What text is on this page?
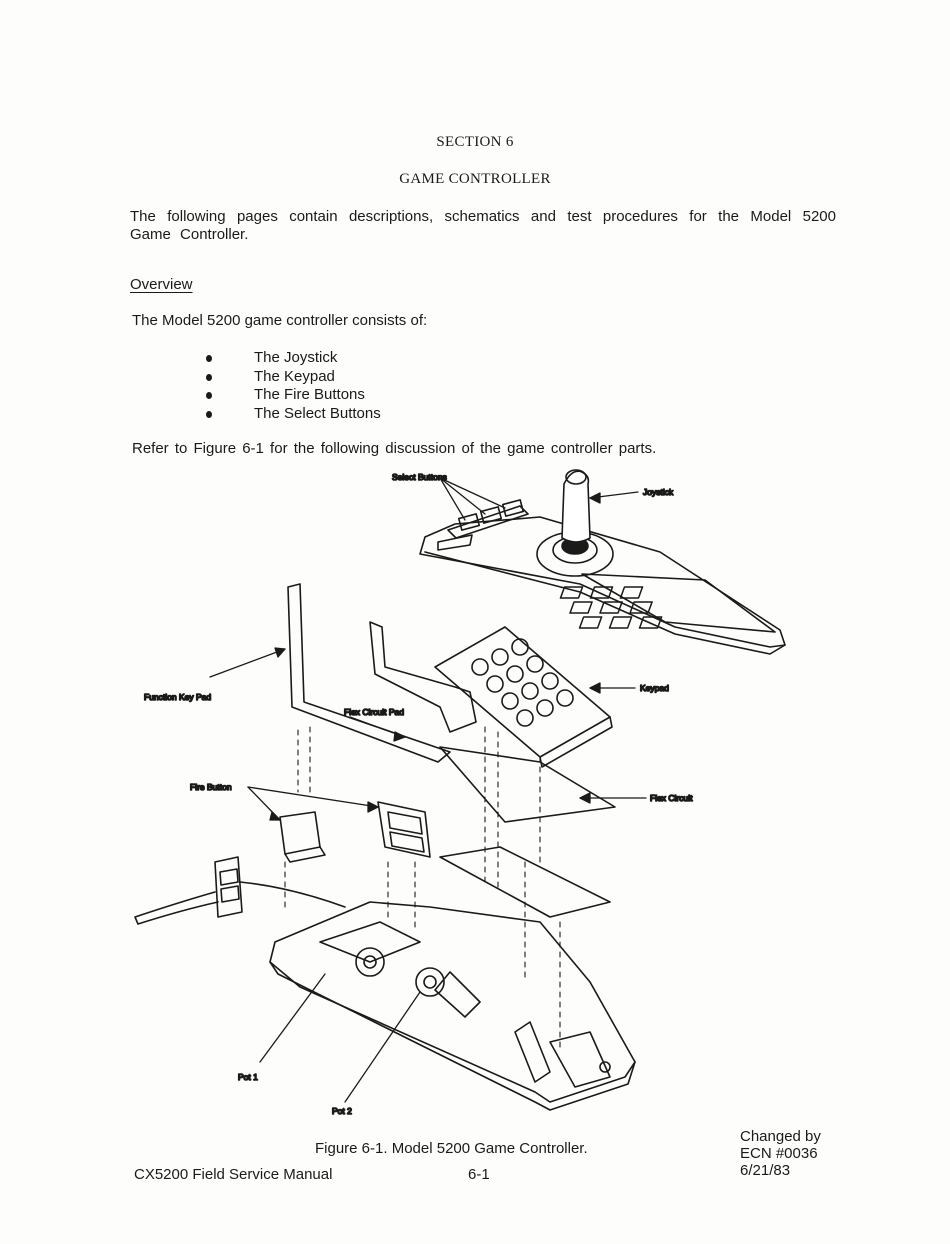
SECTION 6
GAME CONTROLLER
The following pages contain descriptions, schematics and test procedures for the Model 5200 Game Controller.
Overview
The Model 5200 game controller consists of:
The Joystick
The Keypad
The Fire Buttons
The Select Buttons
Refer to Figure 6-1 for the following discussion of the game controller parts.
Select Buttons
Joystick
Keypad
Function Key Pad
Flex Circuit Pad
Flex Circuit
Fire Button
Pot 1
Pot 2
Figure 6-1. Model 5200 Game Controller.
CX5200 Field Service Manual	6-1
Changed by
ECN #0036
6/21/83
